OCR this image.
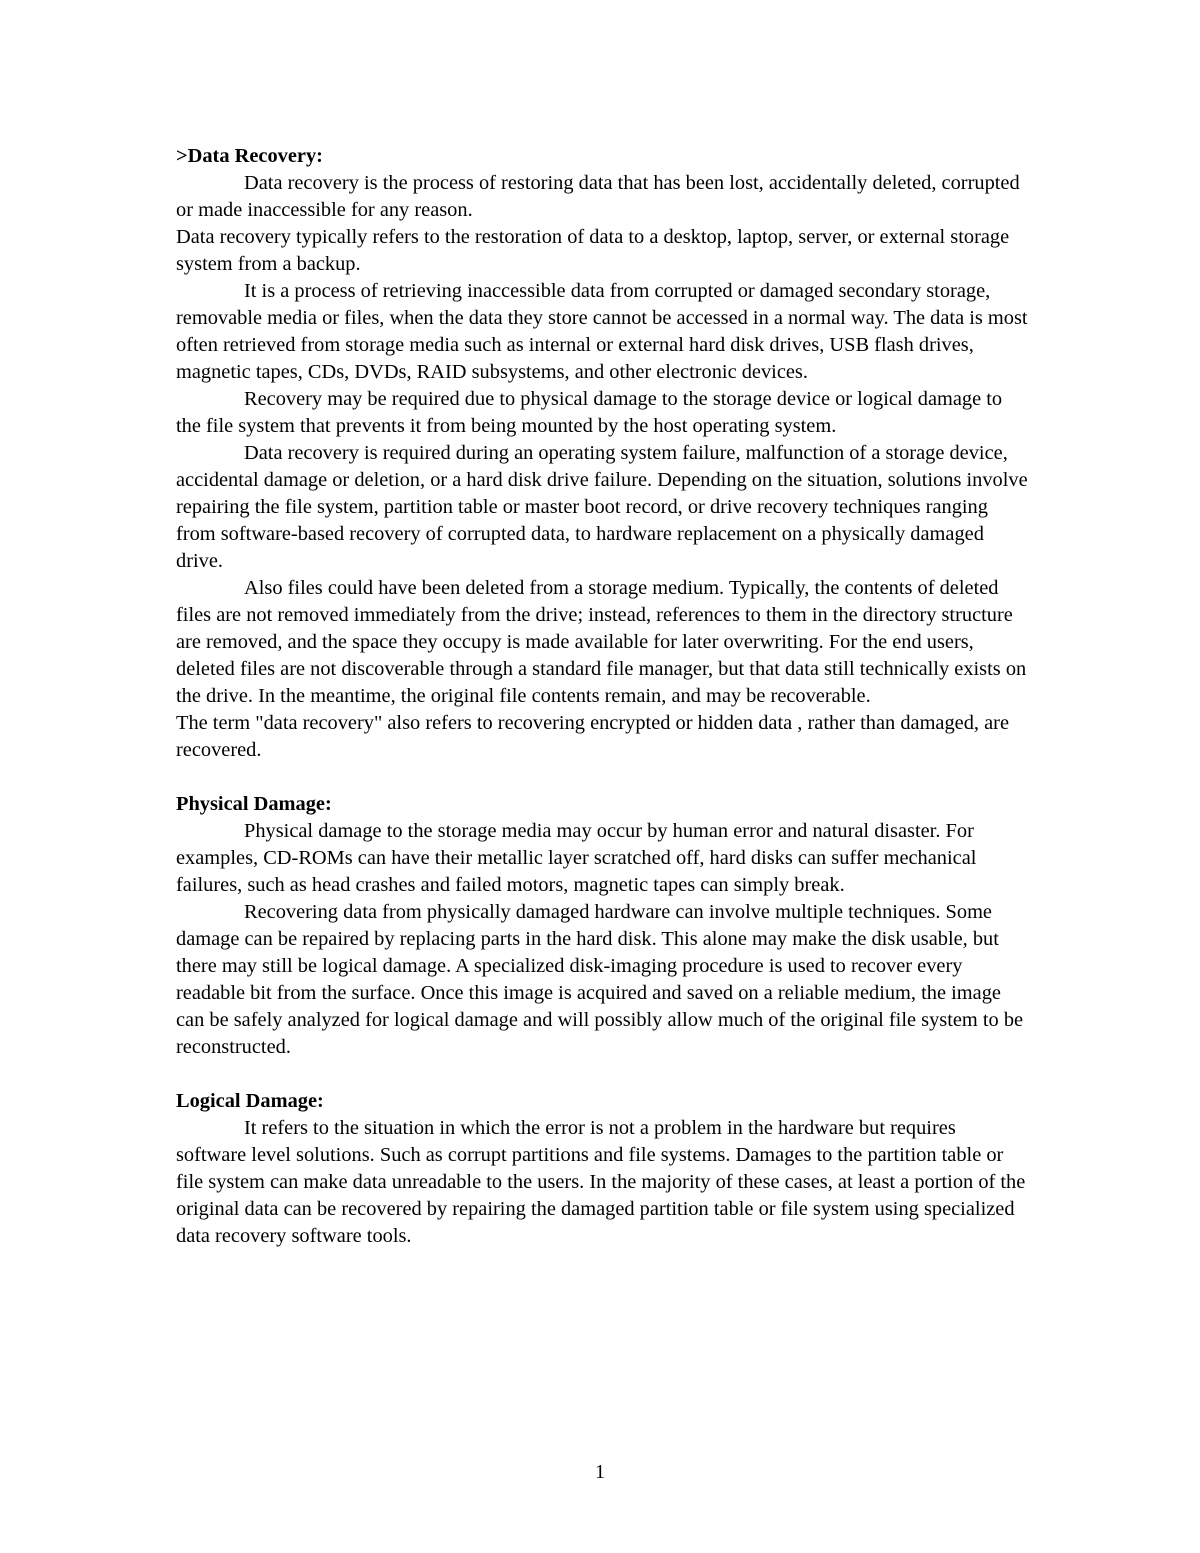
>Data Recovery:

Data recovery is the process of restoring data that has been lost, accidentally deleted, corrupted or made inaccessible for any reason.

Data recovery typically refers to the restoration of data to a desktop, laptop, server, or external storage system from a backup.

It is a process of retrieving inaccessible data from corrupted or damaged secondary storage, removable media or files, when the data they store cannot be accessed in a normal way. The data is most often retrieved from storage media such as internal or external hard disk drives, USB flash drives, magnetic tapes, CDs, DVDs, RAID subsystems, and other electronic devices.

Recovery may be required due to physical damage to the storage device or logical damage to the file system that prevents it from being mounted by the host operating system.

Data recovery is required during an operating system failure, malfunction of a storage device, accidental damage or deletion, or a hard disk drive failure. Depending on the situation, solutions involve repairing the file system, partition table or master boot record, or drive recovery techniques ranging from software-based recovery of corrupted data, to hardware replacement on a physically damaged drive.

Also files could have been deleted from a storage medium. Typically, the contents of deleted files are not removed immediately from the drive; instead, references to them in the directory structure are removed, and the space they occupy is made available for later overwriting. For the end users, deleted files are not discoverable through a standard file manager, but that data still technically exists on the drive. In the meantime, the original file contents remain, and may be recoverable.

The term "data recovery" also refers to recovering encrypted or hidden data , rather than damaged, are recovered.

Physical Damage:

Physical damage to the storage media may occur by human error and natural disaster. For examples, CD-ROMs can have their metallic layer scratched off, hard disks can suffer mechanical failures, such as head crashes and failed motors, magnetic tapes can simply break.

Recovering data from physically damaged hardware can involve multiple techniques. Some damage can be repaired by replacing parts in the hard disk. This alone may make the disk usable, but there may still be logical damage. A specialized disk-imaging procedure is used to recover every readable bit from the surface. Once this image is acquired and saved on a reliable medium, the image can be safely analyzed for logical damage and will possibly allow much of the original file system to be reconstructed.

Logical Damage:

It refers to the situation in which the error is not a problem in the hardware but requires software level solutions. Such as corrupt partitions and file systems. Damages to the partition table or file system can make data unreadable to the users. In the majority of these cases, at least a portion of the original data can be recovered by repairing the damaged partition table or file system using specialized data recovery software tools.

1
